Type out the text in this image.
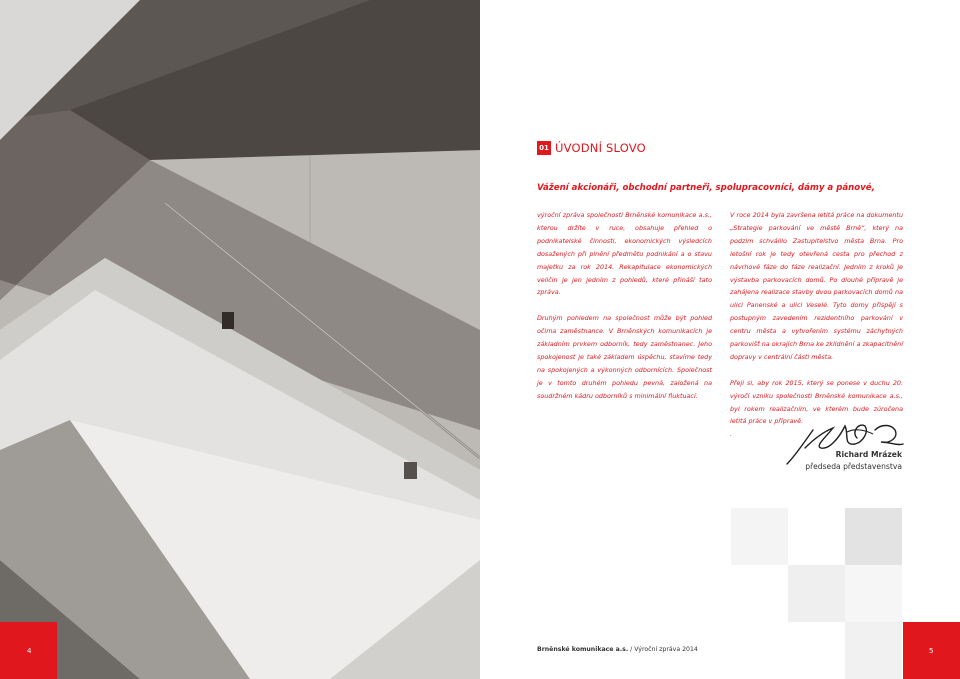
4
01 ÚVODNÍ SLOVO
Vážení akcionáři, obchodní partneři, spolupracovníci, dámy a pánové,

výroční zpráva společnosti Brněnské komunikace a.s., kterou držíte v ruce, obsahuje přehled o podnikatelské činnosti, ekonomických výsledcích dosažených při plnění předmětu podnikání a o stavu majetku za rok 2014. Rekapitulace ekonomických veličin je jen jedním z pohledů, které přináší tato zpráva.

Druhým pohledem na společnost může být pohled očima zaměstnance. V Brněnských komunikacích je základním prvkem odborník, tedy zaměstnanec. Jeho spokojenost je také základem úspěchu, stavíme tedy na spokojených a výkonných odbornících. Společnost je v tomto druhém pohledu pevná, založená na soudržném kádru odborníků s minimální fluktuací.

V roce 2014 byla završena letitá práce na dokumentu „Strategie parkování ve městě Brně“, který na podzim schválilo Zastupitelstvo města Brna. Pro letošní rok je tedy otevřená cesta pro přechod z návrhové fáze do fáze realizační. Jedním z kroků je výstavba parkovacích domů. Po dlouhé přípravě je zahájena realizace stavby dvou parkovacích domů na ulici Panenské a ulici Veselé. Tyto domy přispějí s postupným zavedením rezidentního parkování v centru města a vytvořením systému záchytných parkovišť na okrajích Brna ke zklidnění a zkapacitnění dopravy v centrální části města.

Přeji si, aby rok 2015, který se ponese v duchu 20. výročí vzniku společnosti Brněnské komunikace a.s., byl rokem realizačním, ve kterém bude zúročena letitá práce v přípravě.

.
Richard Mrázek
předseda představenstva
5
Brněnské komunikace a.s. / Výroční zpráva 2014
